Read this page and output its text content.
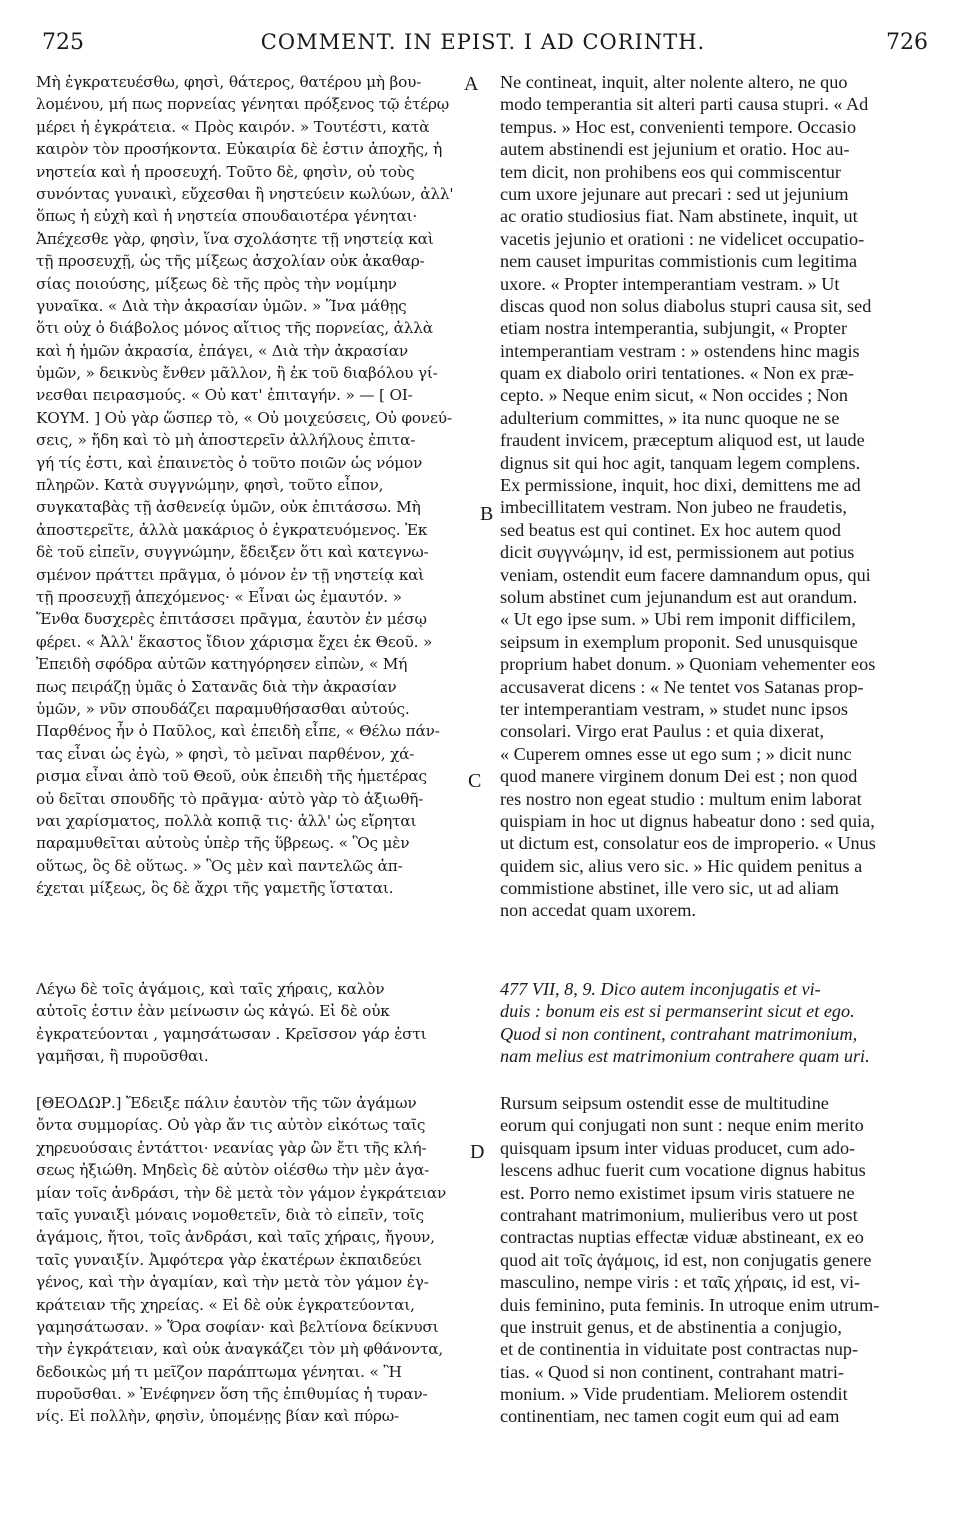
725	COMMENT. IN EPIST. I AD CORINTH.	726
A
B
C
D
Μὴ ἐγκρατευέσθω, φησὶ, θάτερος, θατέρου μὴ βου-
λομένου, μή πως πορνείας γένηται πρόξενος τῷ ἑτέρῳ
μέρει ἡ ἐγκράτεια. « Πρὸς καιρόν. » Τουτέστι, κατὰ
καιρὸν τὸν προσήκοντα. Εὐκαιρία δὲ ἐστιν ἀποχῆς, ἡ
νηστεία καὶ ἡ προσευχή. Τοῦτο δὲ, φησὶν, οὐ τοὺς
συνόντας γυναικὶ, εὔχεσθαι ἢ νηστεύειν κωλύων, ἀλλ'
ὅπως ἡ εὐχὴ καὶ ἡ νηστεία σπουδαιοτέρα γένηται·
Ἀπέχεσθε γὰρ, φησὶν, ἵνα σχολάσητε τῇ νηστείᾳ καὶ
τῇ προσευχῇ, ὡς τῆς μίξεως ἀσχολίαν οὐκ ἀκαθαρ-
σίας ποιούσης, μίξεως δὲ τῆς πρὸς τὴν νομίμην
γυναῖκα. « Διὰ τὴν ἀκρασίαν ὑμῶν. » Ἵνα μάθῃς
ὅτι οὐχ ὁ διάβολος μόνος αἴτιος τῆς πορνείας, ἀλλὰ
καὶ ἡ ἡμῶν ἀκρασία, ἐπάγει, « Διὰ τὴν ἀκρασίαν
ὑμῶν, » δεικνὺς ἔνθεν μᾶλλον, ἢ ἐκ τοῦ διαβόλου γί-
νεσθαι πειρασμούς. « Οὐ κατ' ἐπιταγήν. » — [ ΟΙ-
ΚΟΥΜ. ] Οὐ γὰρ ὥσπερ τὸ, « Οὐ μοιχεύσεις, Οὐ φονεύ-
σεις, » ἤδη καὶ τὸ μὴ ἀποστερεῖν ἀλλήλους ἐπιτα-
γή τίς ἐστι, καὶ ἐπαινετὸς ὁ τοῦτο ποιῶν ὡς νόμον
πληρῶν. Κατὰ συγγνώμην, φησὶ, τοῦτο εἶπον,
συγκαταβὰς τῇ ἀσθενείᾳ ὑμῶν, οὐκ ἐπιτάσσω. Μὴ
ἀποστερεῖτε, ἀλλὰ μακάριος ὁ ἐγκρατευόμενος. Ἐκ
δὲ τοῦ εἰπεῖν, συγγνώμην, ἔδειξεν ὅτι καὶ κατεγνω-
σμένον πράττει πρᾶγμα, ὁ μόνον ἐν τῇ νηστείᾳ καὶ
τῇ προσευχῇ ἀπεχόμενος· « Εἶναι ὡς ἐμαυτόν. »
Ἔνθα δυσχερὲς ἐπιτάσσει πρᾶγμα, ἑαυτὸν ἐν μέσῳ
φέρει. « Ἀλλ' ἕκαστος ἴδιον χάρισμα ἔχει ἐκ Θεοῦ. »
Ἐπειδὴ σφόδρα αὐτῶν κατηγόρησεν εἰπὼν, « Μή
πως πειράζῃ ὑμᾶς ὁ Σατανᾶς διὰ τὴν ἀκρασίαν
ὑμῶν, » νῦν σπουδάζει παραμυθήσασθαι αὐτούς.
Παρθένος ἦν ὁ Παῦλος, καὶ ἐπειδὴ εἶπε, « Θέλω πάν-
τας εἶναι ὡς ἐγὼ, » φησὶ, τὸ μεῖναι παρθένον, χά-
ρισμα εἶναι ἀπὸ τοῦ Θεοῦ, οὐκ ἐπειδὴ τῆς ἡμετέρας
οὐ δεῖται σπουδῆς τὸ πρᾶγμα· αὐτὸ γὰρ τὸ ἀξιωθῆ-
ναι χαρίσματος, πολλὰ κοπιᾷ τις· ἀλλ' ὡς εἴρηται
παραμυθεῖται αὐτοὺς ὑπὲρ τῆς ὕβρεως. « Ὃς μὲν
οὕτως, ὃς δὲ οὕτως. » Ὃς μὲν καὶ παντελῶς ἀπ-
έχεται μίξεως, ὃς δὲ ἄχρι τῆς γαμετῆς ἵσταται.
Ne contineat, inquit, alter nolente altero, ne quo
modo temperantia sit alteri parti causa stupri. « Ad
tempus. » Hoc est, convenienti tempore. Occasio
autem abstinendi est jejunium et oratio. Hoc au-
tem dicit, non prohibens eos qui commiscentur
cum uxore jejunare aut precari : sed ut jejunium
ac oratio studiosius fiat. Nam abstinete, inquit, ut
vacetis jejunio et orationi : ne videlicet occupatio-
nem causet impuritas commistionis cum legitima
uxore. « Propter intemperantiam vestram. » Ut
discas quod non solus diabolus stupri causa sit, sed
etiam nostra intemperantia, subjungit, « Propter
intemperantiam vestram : » ostendens hinc magis
quam ex diabolo oriri tentationes. « Non ex præ-
cepto. » Neque enim sicut, « Non occides ; Non
adulterium committes, » ita nunc quoque ne se
fraudent invicem, præceptum aliquod est, ut laude
dignus sit qui hoc agit, tanquam legem complens.
Ex permissione, inquit, hoc dixi, demittens me ad
imbecillitatem vestram. Non jubeo ne fraudetis,
sed beatus est qui continet. Ex hoc autem quod
dicit συγγνώμην, id est, permissionem aut potius
veniam, ostendit eum facere damnandum opus, qui
solum abstinet cum jejunandum est aut orandum.
« Ut ego ipse sum. » Ubi rem imponit difficilem,
seipsum in exemplum proponit. Sed unusquisque
proprium habet donum. » Quoniam vehementer eos
accusaverat dicens : « Ne tentet vos Satanas prop-
ter intemperantiam vestram, » studet nunc ipsos
consolari. Virgo erat Paulus : et quia dixerat,
« Cuperem omnes esse ut ego sum ; » dicit nunc
quod manere virginem donum Dei est ; non quod
res nostro non egeat studio : multum enim laborat
quispiam in hoc ut dignus habeatur dono : sed quia,
ut dictum est, consolatur eos de improperio. « Unus
quidem sic, alius vero sic. » Hic quidem penitus a
commistione abstinet, ille vero sic, ut ad aliam
non accedat quam uxorem.
Λέγω δὲ τοῖς ἀγάμοις, καὶ ταῖς χήραις, καλὸν
αὐτοῖς ἐστιν ἐὰν μείνωσιν ὡς κἀγώ. Εἰ δὲ οὐκ
ἐγκρατεύονται , γαμησάτωσαν . Κρεῖσσον γάρ ἐστι
γαμῆσαι, ἢ πυροῦσθαι.
477 VII, 8, 9. Dico autem inconjugatis et vi-
duis : bonum eis est si permanserint sicut et ego.
Quod si non continent, contrahant matrimonium,
nam melius est matrimonium contrahere quam uri.
[ΘΕΟΔΩΡ.] Ἔδειξε πάλιν ἑαυτὸν τῆς τῶν ἀγάμων
ὄντα συμμορίας. Οὐ γὰρ ἄν τις αὐτὸν εἰκότως ταῖς
χηρευούσαις ἐντάττοι· νεανίας γὰρ ὢν ἔτι τῆς κλή-
σεως ἠξιώθη. Μηδεὶς δὲ αὐτὸν οἰέσθω τὴν μὲν ἀγα-
μίαν τοῖς ἀνδράσι, τὴν δὲ μετὰ τὸν γάμον ἐγκράτειαν
ταῖς γυναιξὶ μόναις νομοθετεῖν, διὰ τὸ εἰπεῖν, τοῖς
ἀγάμοις, ἤτοι, τοῖς ἀνδράσι, καὶ ταῖς χήραις, ἤγουν,
ταῖς γυναιξίν. Ἀμφότερα γὰρ ἑκατέρων ἐκπαιδεύει
γένος, καὶ τὴν ἀγαμίαν, καὶ τὴν μετὰ τὸν γάμον ἐγ-
κράτειαν τῆς χηρείας. « Εἰ δὲ οὐκ ἐγκρατεύονται,
γαμησάτωσαν. » Ὅρα σοφίαν· καὶ βελτίονα δείκνυσι
τὴν ἐγκράτειαν, καὶ οὐκ ἀναγκάζει τὸν μὴ φθάνοντα,
δεδοικὼς μή τι μεῖζον παράπτωμα γένηται. « Ἢ
πυροῦσθαι. » Ἐνέφηνεν ὅση τῆς ἐπιθυμίας ἡ τυραν-
νίς. Εἰ πολλὴν, φησὶν, ὑπομένῃς βίαν καὶ πύρω-
Rursum seipsum ostendit esse de multitudine
eorum qui conjugati non sunt : neque enim merito
quisquam ipsum inter viduas producet, cum ado-
lescens adhuc fuerit cum vocatione dignus habitus
est. Porro nemo existimet ipsum viris statuere ne
contrahant matrimonium, mulieribus vero ut post
contractas nuptias effectæ viduæ abstineant, ex eo
quod ait τοῖς ἀγάμοις, id est, non conjugatis genere
masculino, nempe viris : et ταῖς χήραις, id est, vi-
duis feminino, puta feminis. In utroque enim utrum-
que instruit genus, et de abstinentia a conjugio,
et de continentia in viduitate post contractas nup-
tias. « Quod si non continent, contrahant matri-
monium. » Vide prudentiam. Meliorem ostendit
continentiam, nec tamen cogit eum qui ad eam
